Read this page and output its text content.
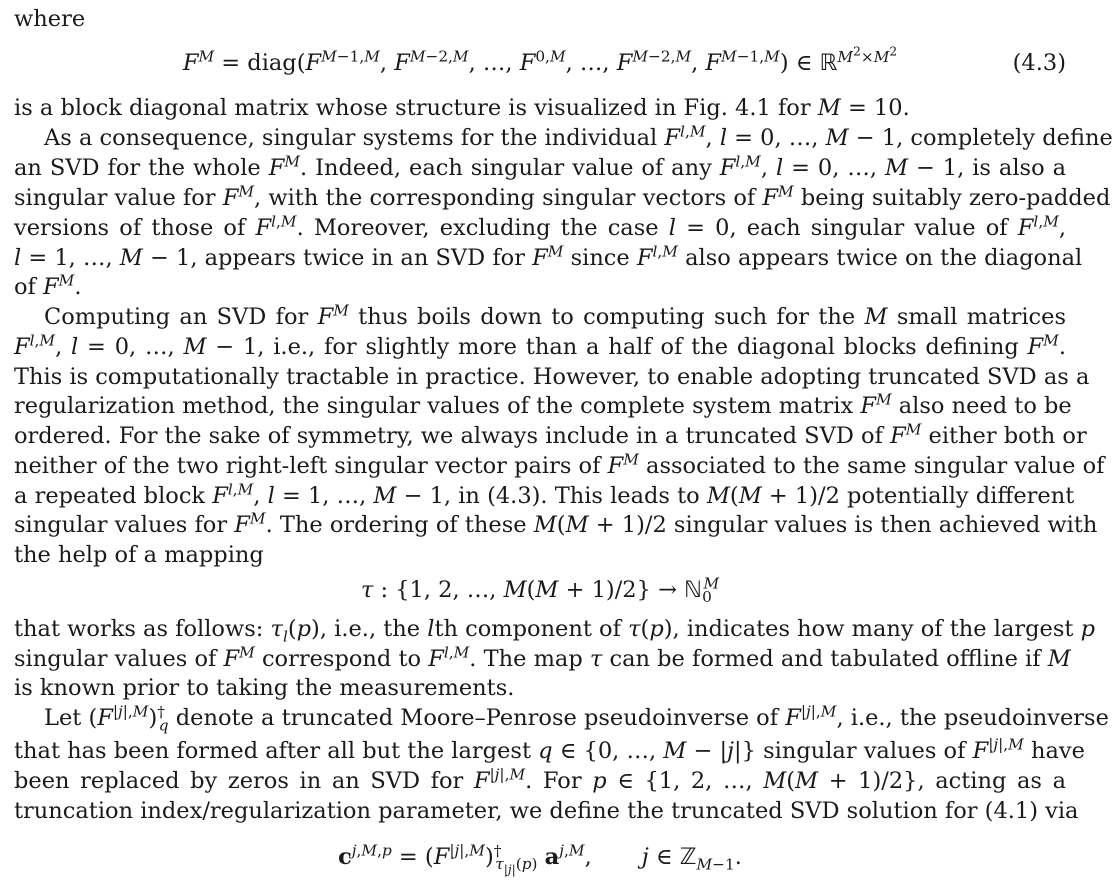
where
$F^M$ = $diag(F^{M-1,M}$, $F^{M-2,M}$, …, $F^{0,M}$, …, $F^{M-2,M}$, $F^{M-1,M}$) ∈ ℝ$^{M^2\times M^2}$	(4.3)
is a block diagonal matrix whose structure is visualized in Fig. 4.1 for M = 10.
As a consequence, singular systems for the individual $F^{l,M}$, l = 0, …, M − 1, completely define
an SVD for the whole $F^M$. Indeed, each singular value of any $F^{l,M}$, l = 0, …, M − 1, is also a
singular value for $F^M$, with the corresponding singular vectors of $F^M$ being suitably zero-padded
versions of those of $F^{l,M}$. Moreover, excluding the case l = 0, each singular value of $F^{l,M}$,
l = 1, …, M − 1, appears twice in an SVD for $F^M$ since $F^{l,M}$ also appears twice on the diagonal
of $F^M$.
Computing an SVD for $F^M$ thus boils down to computing such for the M small matrices
$F^{l,M}$, l = 0, …, M − 1, i.e., for slightly more than a half of the diagonal blocks defining $F^M$.
This is computationally tractable in practice. However, to enable adopting truncated SVD as a
regularization method, the singular values of the complete system matrix $F^M$ also need to be
ordered. For the sake of symmetry, we always include in a truncated SVD of $F^M$ either both or
neither of the two right-left singular vector pairs of $F^M$ associated to the same singular value of
a repeated block $F^{l,M}$, l = 1, …, M − 1, in (4.3). This leads to M(M + 1)/2 potentially different
singular values for $F^M$. The ordering of these M(M + 1)/2 singular values is then achieved with
the help of a mapping
τ : {1, 2, …, M(M + 1)/2} → ℕ$_0^M$
that works as follows: $\tau_l(p)$, i.e., the lth component of τ(p), indicates how many of the largest p
singular values of $F^M$ correspond to $F^{l,M}$. The map τ can be formed and tabulated offline if M
is known prior to taking the measurements.
Let $(F^{|j|,M})^\dagger_q$ denote a truncated Moore–Penrose pseudoinverse of $F^{|j|,M}$, i.e., the pseudoinverse
that has been formed after all but the largest q ∈ {0, …, M − |j|} singular values of $F^{|j|,M}$ have
been replaced by zeros in an SVD for $F^{|j|,M}$. For p ∈ {1, 2, …, M(M + 1)/2}, acting as a
truncation index/regularization parameter, we define the truncated SVD solution for (4.1) via
$c^{j,M,p} = (F^{|j|,M})^\dagger_{\tau_{|j|}(p)}$ $a^{j,M}$,       j ∈ ℤ$_{M-1}$.
